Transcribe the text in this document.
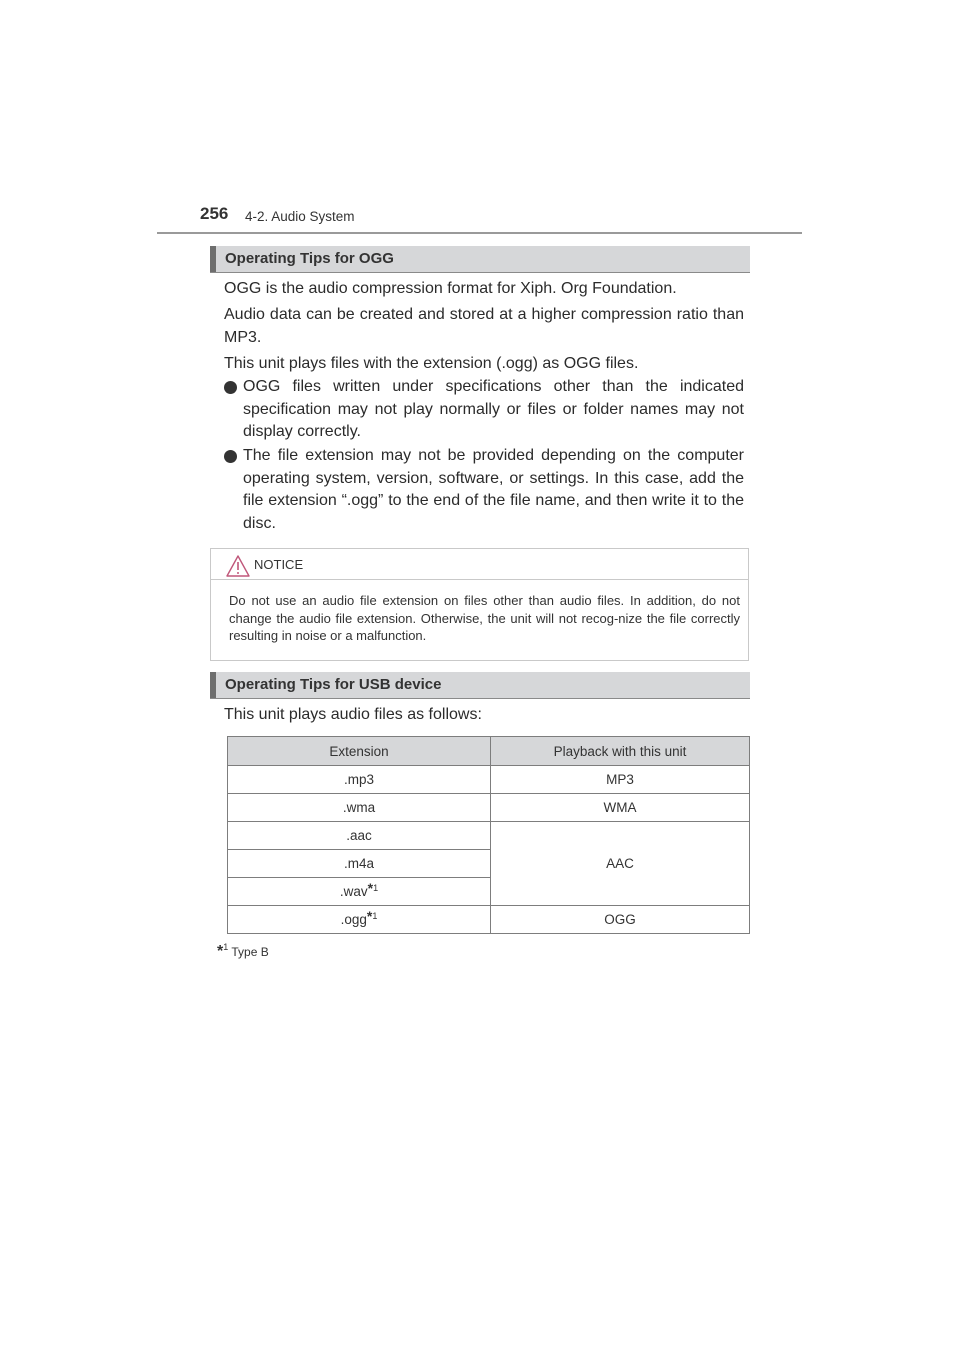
256 4-2. Audio System
Operating Tips for OGG
OGG is the audio compression format for Xiph. Org Foundation.
Audio data can be created and stored at a higher compression ratio than MP3.
This unit plays files with the extension (.ogg) as OGG files.
OGG files written under specifications other than the indicated specification may not play normally or files or folder names may not display correctly.
The file extension may not be provided depending on the computer operating system, version, software, or settings. In this case, add the file extension “.ogg” to the end of the file name, and then write it to the disc.
NOTICE
Do not use an audio file extension on files other than audio files. In addition, do not change the audio file extension. Otherwise, the unit will not recog-nize the file correctly resulting in noise or a malfunction.
Operating Tips for USB device
This unit plays audio files as follows:
Extension	Playback with this unit
.mp3	MP3
.wma	WMA
.aac	AAC
.m4a	
.wav$^{*1}$
.ogg$^{*1}$	OGG
*$^1$ Type B
